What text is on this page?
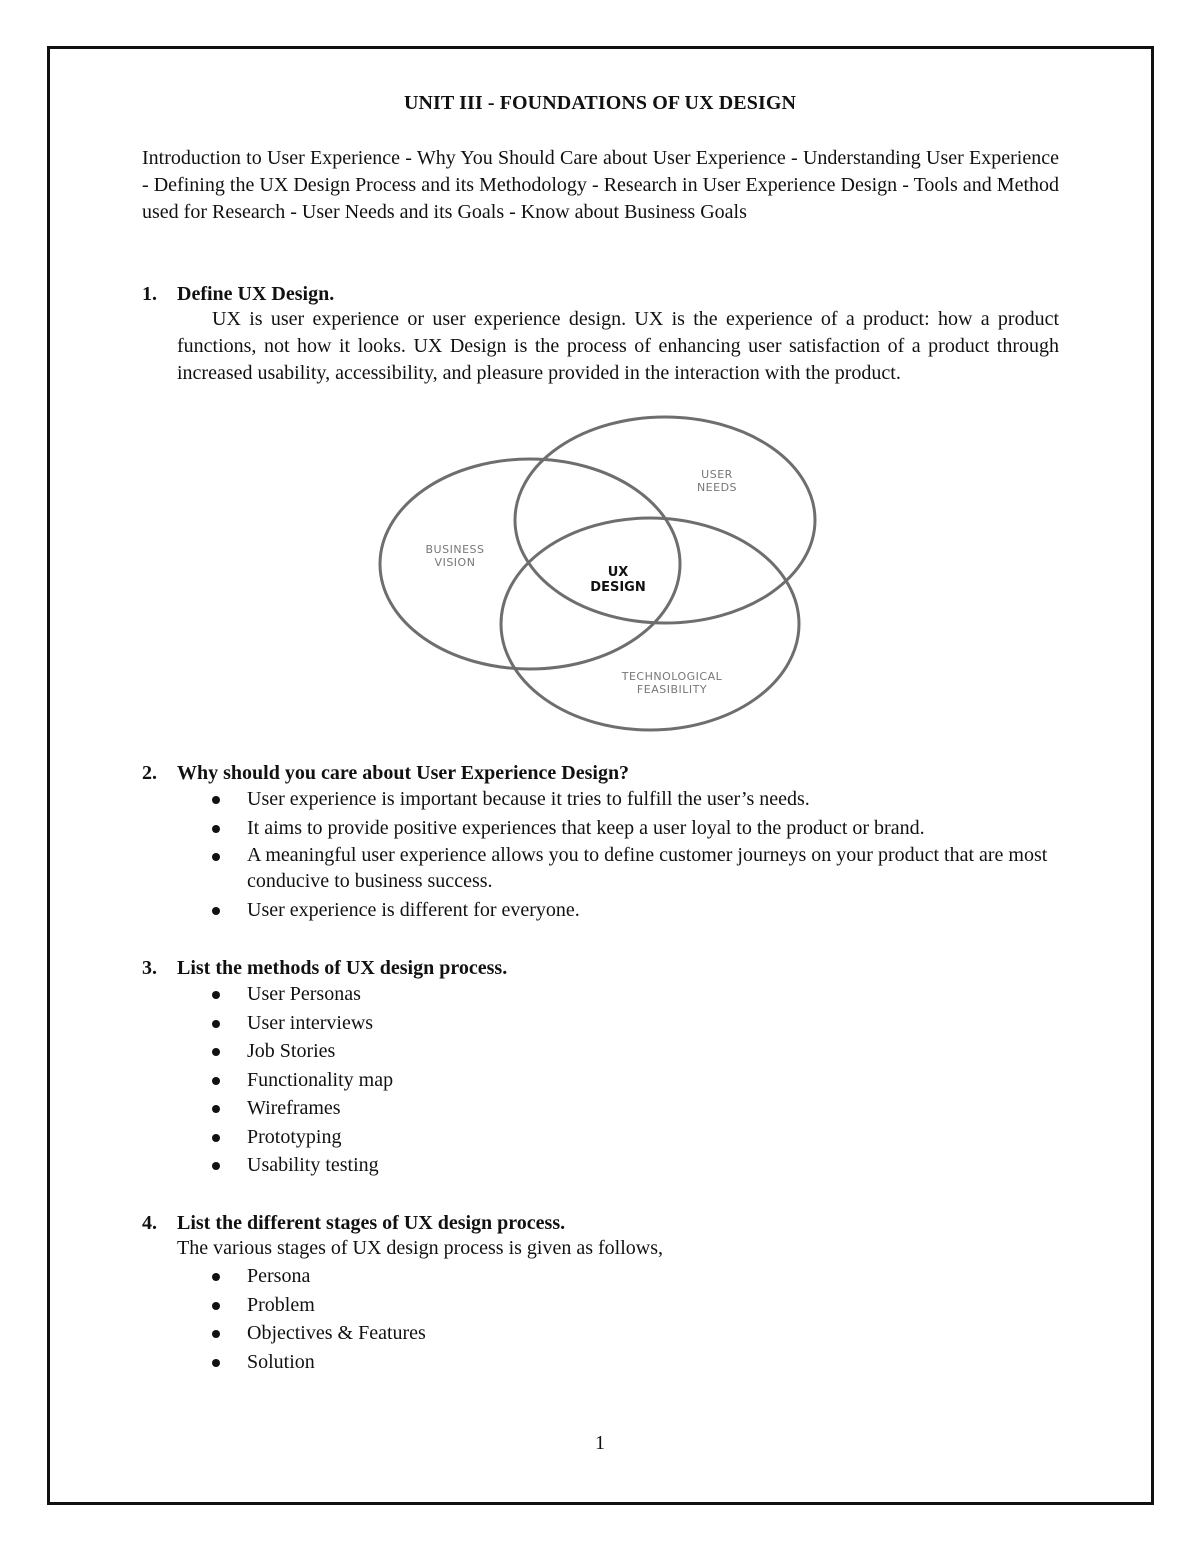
UNIT III - FOUNDATIONS OF UX DESIGN
Introduction to User Experience - Why You Should Care about User Experience - Understanding User Experience - Defining the UX Design Process and its Methodology - Research in User Experience Design - Tools and Method used for Research - User Needs and its Goals - Know about Business Goals
1.	Define UX Design.

UX is user experience or user experience design. UX is the experience of a product: how a product functions, not how it looks. UX Design is the process of enhancing user satisfaction of a product through increased usability, accessibility, and pleasure provided in the interaction with the product.

BUSINESS
VISION
USER
NEEDS
TECHNOLOGICAL
FEASIBILITY
UX
DESIGN
2.	Why should you care about User Experience Design?
User experience is important because it tries to fulfill the user’s needs.
It aims to provide positive experiences that keep a user loyal to the product or brand.
A meaningful user experience allows you to define customer journeys on your product that are most conducive to business success.
User experience is different for everyone.
3.	List the methods of UX design process.
User Personas
User interviews
Job Stories
Functionality map
Wireframes
Prototyping
Usability testing
4.	List the different stages of UX design process.
The various stages of UX design process is given as follows,
Persona
Problem
Objectives & Features
Solution
1
